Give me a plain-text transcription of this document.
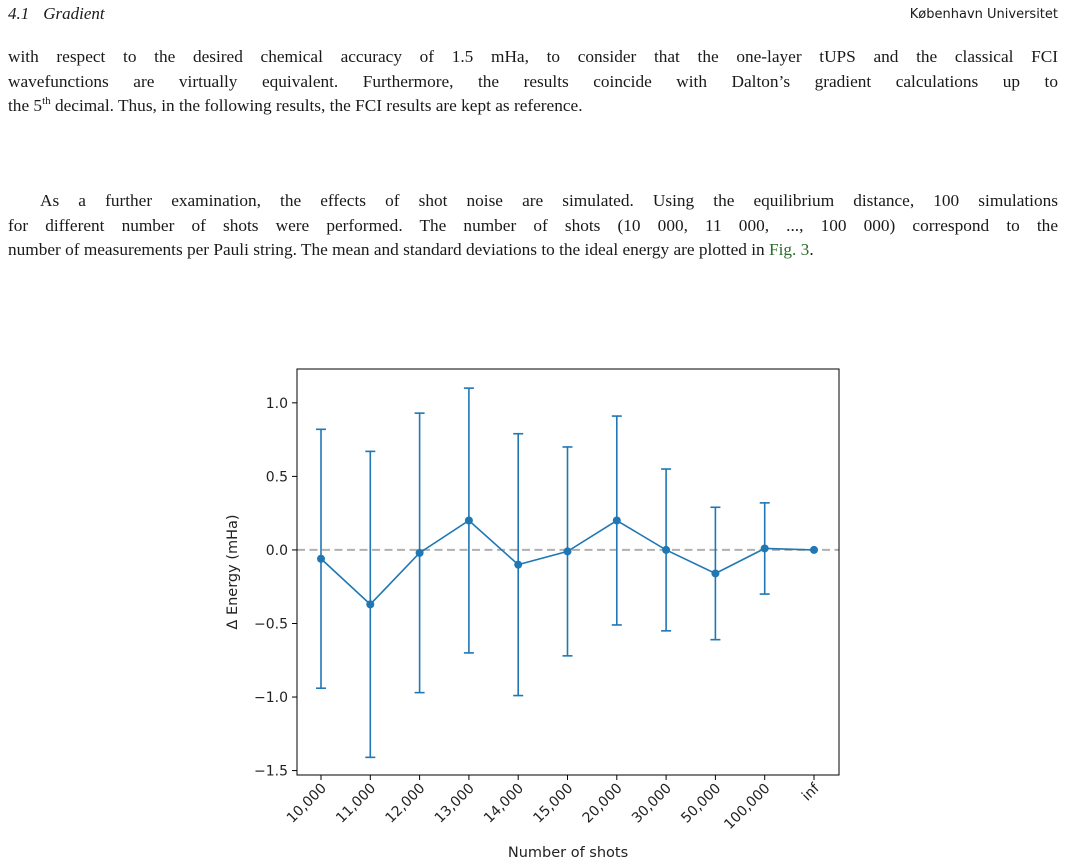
4.1 Gradient	København Universitet
with respect to the desired chemical accuracy of 1.5 mHa, to consider that the one-layer tUPS and the classical FCI
wavefunctions are virtually equivalent. Furthermore, the results coincide with Dalton’s gradient calculations up to
the 5th decimal. Thus, in the following results, the FCI results are kept as reference.
As a further examination, the effects of shot noise are simulated. Using the equilibrium distance, 100 simulations
for different number of shots were performed. The number of shots (10 000, 11 000, ..., 100 000) correspond to the
number of measurements per Pauli string. The mean and standard deviations to the ideal energy are plotted in Fig. 3.
−1.5
−1.0
−0.5
0.0
0.5
1.0
10,000 11,000 12,000 13,000 14,000 15,000 20,000 30,000 50,000
100,000 inf
Number of shots
Δ Energy (mHa)
